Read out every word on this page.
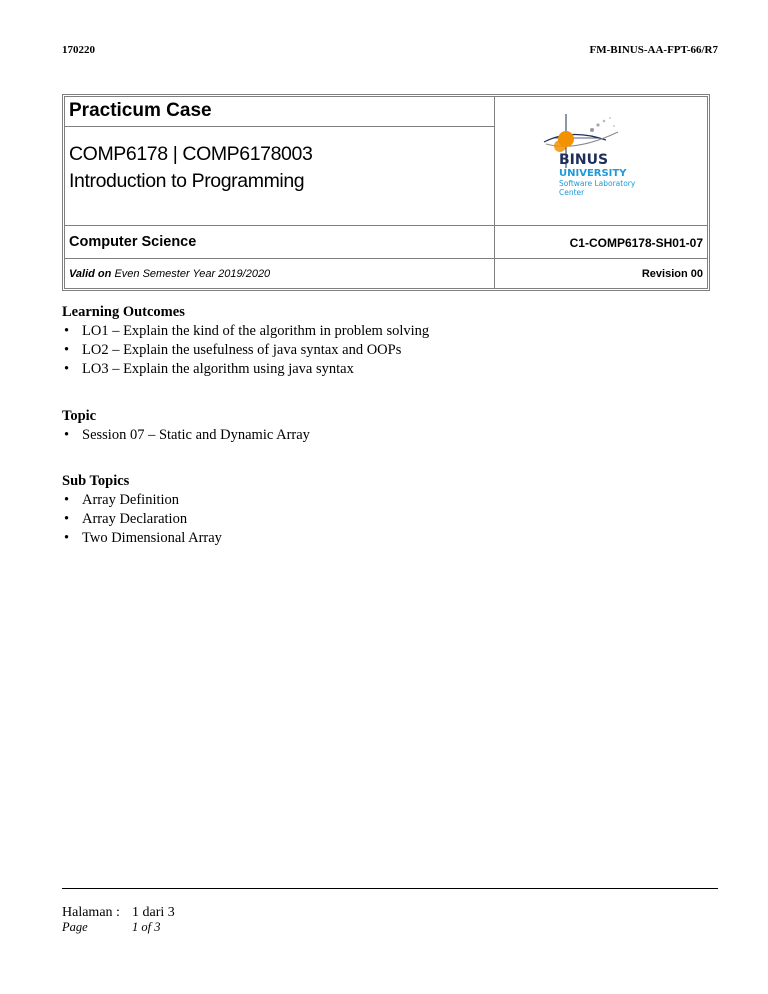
170220	FM-BINUS-AA-FPT-66/R7
Practicum Case
COMP6178 | COMP6178003
Introduction to Programming
BINUS
UNIVERSITY
Software Laboratory
Center
Computer Science	C1-COMP6178-SH01-07
Valid on Even Semester Year 2019/2020	Revision 00
Learning Outcomes
• LO1 – Explain the kind of the algorithm in problem solving
• LO2 – Explain the usefulness of java syntax and OOPs
• LO3 – Explain the algorithm using java syntax
Topic
• Session 07 – Static and Dynamic Array
Sub Topics
• Array Definition
• Array Declaration
• Two Dimensional Array
Halaman : 1 dari 3
Page	1 of 3
